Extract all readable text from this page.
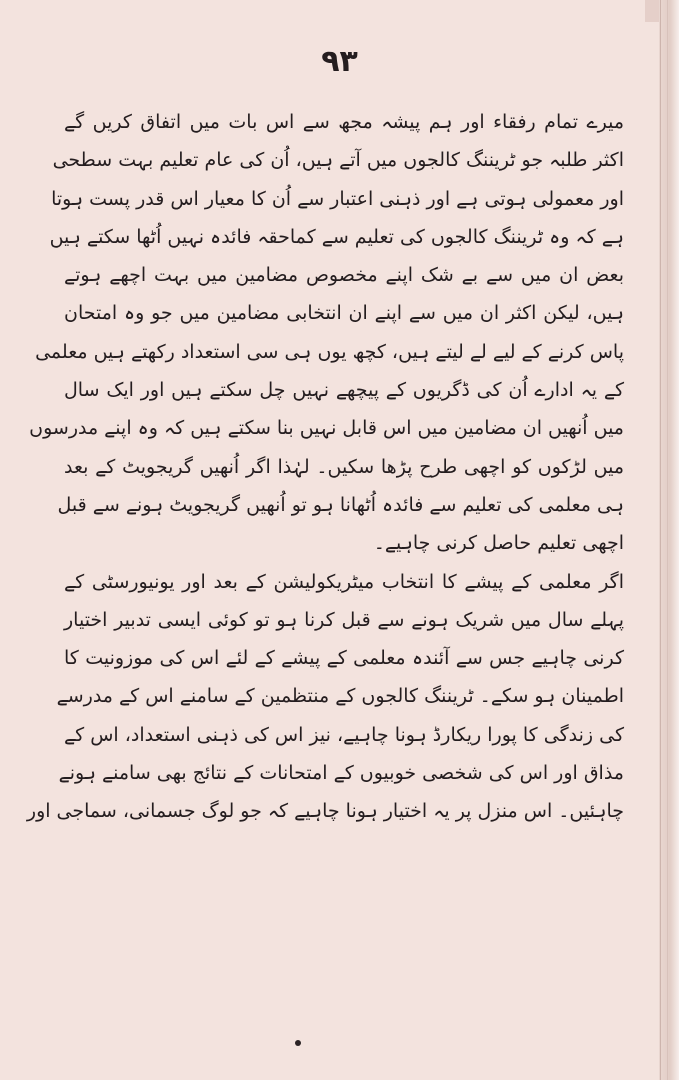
۹۳
میرے تمام رفقاء اور ہم پیشہ مجھ سے اس بات میں اتفاق کریں گے
اکثر طلبہ جو ٹریننگ کالجوں میں آتے ہیں، اُن کی عام تعلیم بہت سطحی
اور معمولی ہوتی ہے اور ذہنی اعتبار سے اُن کا معیار اس قدر پست ہوتا
ہے کہ وہ ٹریننگ کالجوں کی تعلیم سے کماحقہ فائدہ نہیں اُٹھا سکتے ہیں
بعض ان میں سے بے شک اپنے مخصوص مضامین میں بہت اچھے ہوتے
ہیں، لیکن اکثر ان میں سے اپنے ان انتخابی مضامین میں جو وہ امتحان
پاس کرنے کے لیے لے لیتے ہیں، کچھ یوں ہی سی استعداد رکھتے ہیں معلمی
کے یہ ادارے اُن کی ڈگریوں کے پیچھے نہیں چل سکتے ہیں اور ایک سال
میں اُنھیں ان مضامین میں اس قابل نہیں بنا سکتے ہیں کہ وہ اپنے مدرسوں
میں لڑکوں کو اچھی طرح پڑھا سکیں۔ لہٰذا اگر اُنھیں گریجویٹ کے بعد
ہی معلمی کی تعلیم سے فائدہ اُٹھانا ہو تو اُنھیں گریجویٹ ہونے سے قبل
اچھی تعلیم حاصل کرنی چاہیے۔
اگر معلمی کے پیشے کا انتخاب میٹریکولیشن کے بعد اور یونیورسٹی کے
پہلے سال میں شریک ہونے سے قبل کرنا ہو تو کوئی ایسی تدبیر اختیار
کرنی چاہیے جس سے آئندہ معلمی کے پیشے کے لئے اس کی موزونیت کا
اطمینان ہو سکے۔ ٹریننگ کالجوں کے منتظمین کے سامنے اس کے مدرسے
کی زندگی کا پورا ریکارڈ ہونا چاہیے، نیز اس کی ذہنی استعداد، اس کے
مذاق اور اس کی شخصی خوبیوں کے امتحانات کے نتائج بھی سامنے ہونے
چاہئیں۔ اس منزل پر یہ اختیار ہونا چاہیے کہ جو لوگ جسمانی، سماجی اور
